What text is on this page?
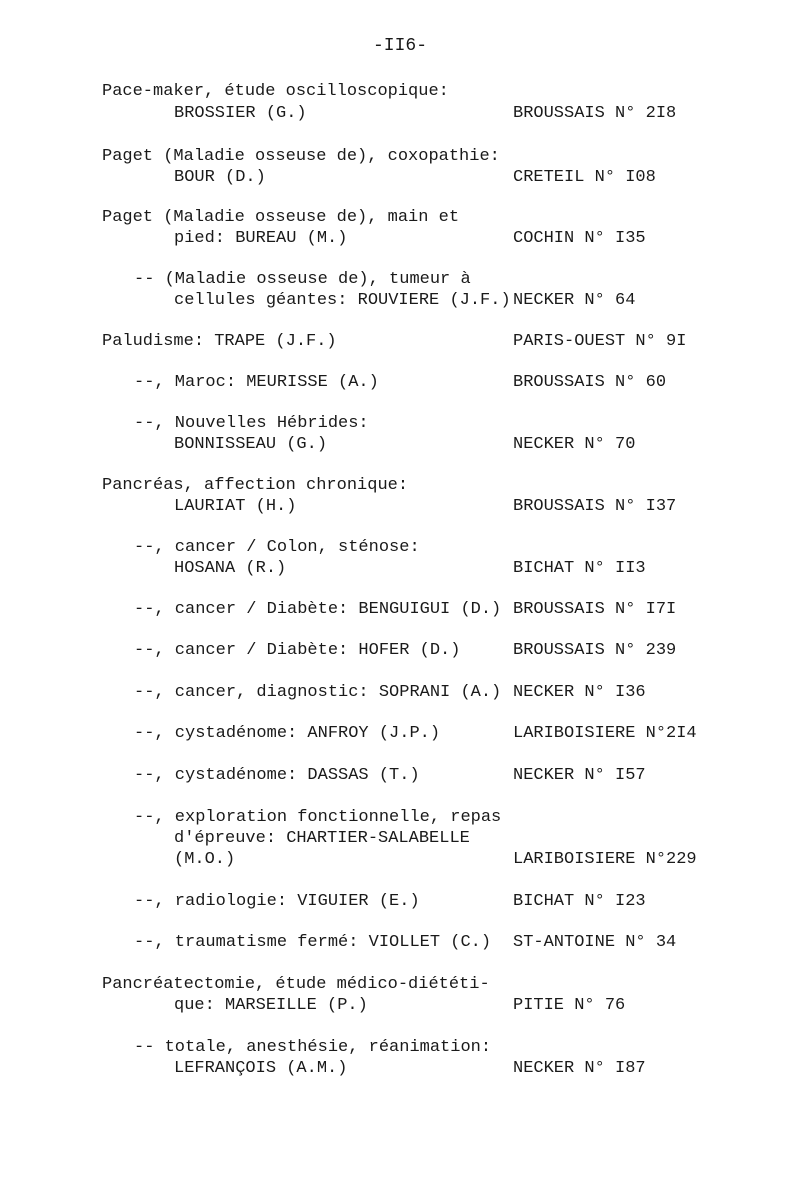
-II6-
Pace-maker, étude oscilloscopique:
BROSSIER (G.)	BROUSSAIS N° 2I8
Paget (Maladie osseuse de), coxopathie:
BOUR (D.)	CRETEIL N° I08
Paget (Maladie osseuse de), main et
pied: BUREAU (M.)	COCHIN N° I35
-- (Maladie osseuse de), tumeur à
cellules géantes: ROUVIERE (J.F.) NECKER N° 64
Paludisme: TRAPE (J.F.)	PARIS-OUEST N° 9I
--, Maroc: MEURISSE (A.)	BROUSSAIS N° 60
--, Nouvelles Hébrides:
BONNISSEAU (G.)	NECKER N° 70
Pancréas, affection chronique:
LAURIAT (H.)	BROUSSAIS N° I37
--, cancer / Colon, sténose:
HOSANA (R.)	BICHAT N° II3
--, cancer / Diabète: BENGUIGUI (D.) BROUSSAIS N° I7I
--, cancer / Diabète: HOFER (D.)	BROUSSAIS N° 239
--, cancer, diagnostic: SOPRANI (A.) NECKER N° I36
--, cystadénome: ANFROY (J.P.)	LARIBOISIERE N°2I4
--, cystadénome: DASSAS (T.)	NECKER N° I57
--, exploration fonctionnelle, repas
d'épreuve: CHARTIER-SALABELLE
(M.O.)	LARIBOISIERE N°229
--, radiologie: VIGUIER (E.)	BICHAT N° I23
--, traumatisme fermé: VIOLLET (C.) ST-ANTOINE N° 34
Pancréatectomie, étude médico-diététi-
que: MARSEILLE (P.)	PITIE N° 76
-- totale, anesthésie, réanimation:
LEFRANÇOIS (A.M.)	NECKER N° I87
